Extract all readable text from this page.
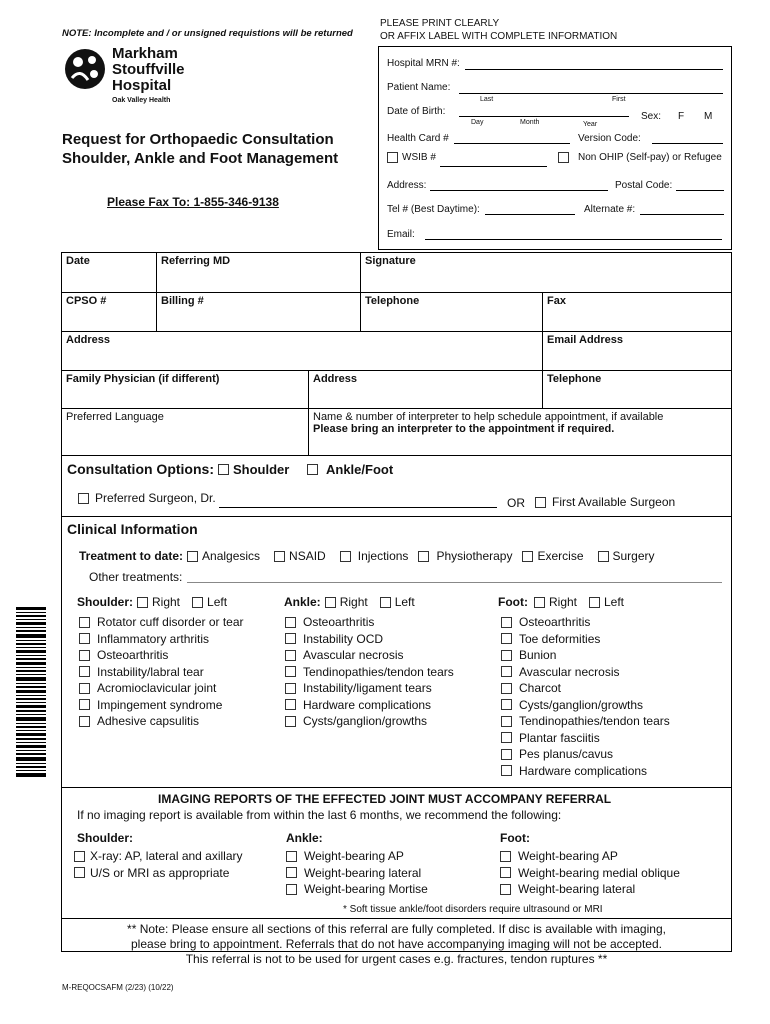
NOTE: Incomplete and / or unsigned requistions will be returned
PLEASE PRINT CLEARLY
OR AFFIX LABEL WITH COMPLETE INFORMATION
Markham
Stouffville
Hospital
Oak Valley Health
Request for Orthopaedic Consultation
Shoulder, Ankle and Foot Management
Please Fax To: 1-855-346-9138
Hospital MRN #:
Patient Name:
Last	First
Date of Birth:
Day	Month	Year
Sex: F M
Health Card #	Version Code:
WSIB #	Non OHIP (Self-pay) or Refugee
Address:	Postal Code:
Tel # (Best Daytime):	Alternate #:
Email:
Date	Referring MD	Signature
CPSO #	Billing #	Telephone	Fax
Address	Email Address
Family Physician (if different)	Address	Telephone
Preferred Language	Name & number of interpreter to help schedule appointment, if available
Please bring an interpreter to the appointment if required.
Consultation Options: Shoulder	Ankle/Foot
Preferred Surgeon, Dr.	OR First Available Surgeon
Clinical Information
Treatment to date: Analgesics NSAID	Injections Physiotherapy Exercise Surgery
Other treatments:
Shoulder: Right Left
Rotator cuff disorder or tear
Inflammatory arthritis
Osteoarthritis
Instability/labral tear
Acromioclavicular joint
Impingement syndrome
Adhesive capsulitis
Ankle: Right Left
Osteoarthritis
Instability OCD
Avascular necrosis
Tendinopathies/tendon tears
Instability/ligament tears
Hardware complications
Cysts/ganglion/growths
Foot: Right Left
Osteoarthritis
Toe deformities
Bunion
Avascular necrosis
Charcot
Cysts/ganglion/growths
Tendinopathies/tendon tears
Plantar fasciitis
Pes planus/cavus
Hardware complications
IMAGING REPORTS OF THE EFFECTED JOINT MUST ACCOMPANY REFERRAL
If no imaging report is available from within the last 6 months, we recommend the following:
Shoulder:
X-ray: AP, lateral and axillary
U/S or MRI as appropriate
Ankle:
Weight-bearing AP
Weight-bearing lateral
Weight-bearing Mortise
Foot:
Weight-bearing AP
Weight-bearing medial oblique
Weight-bearing lateral
* Soft tissue ankle/foot disorders require ultrasound or MRI
** Note: Please ensure all sections of this referral are fully completed. If disc is available with imaging,
please bring to appointment. Referrals that do not have accompanying imaging will not be accepted.
This referral is not to be used for urgent cases e.g. fractures, tendon ruptures **
M-REQOCSAFM (2/23) (10/22)
